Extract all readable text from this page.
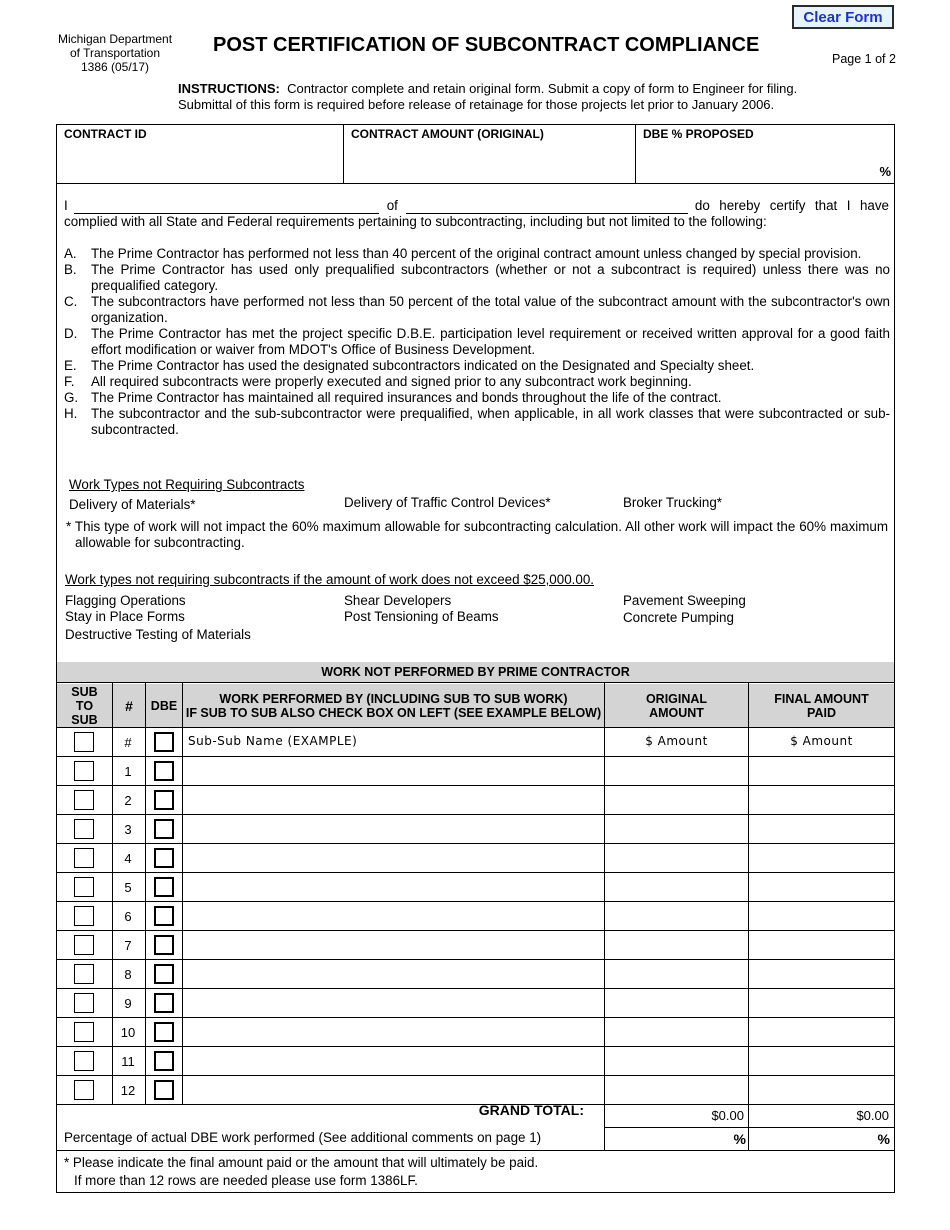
Clear Form
Michigan Department
of Transportation
1386 (05/17)
POST CERTIFICATION OF SUBCONTRACT COMPLIANCE
Page 1 of 2
INSTRUCTIONS: Contractor complete and retain original form. Submit a copy of form to Engineer for filing.
Submittal of this form is required before release of retainage for those projects let prior to January 2006.
CONTRACT ID	CONTRACT AMOUNT (ORIGINAL)	DBE % PROPOSED
%
I	of	do hereby certify that I have
complied with all State and Federal requirements pertaining to subcontracting, including but not limited to the following:
A.	The Prime Contractor has performed not less than 40 percent of the original contract amount unless changed by special provision.
B.	The Prime Contractor has used only prequalified subcontractors (whether or not a subcontract is required) unless there was no prequalified category.
C.	The subcontractors have performed not less than 50 percent of the total value of the subcontract amount with the subcontractor's own organization.
D.	The Prime Contractor has met the project specific D.B.E. participation level requirement or received written approval for a good faith effort modification or waiver from MDOT's Office of Business Development.
E.	The Prime Contractor has used the designated subcontractors indicated on the Designated and Specialty sheet.
F.	All required subcontracts were properly executed and signed prior to any subcontract work beginning.
G. The Prime Contractor has maintained all required insurances and bonds throughout the life of the contract.
H.	The subcontractor and the sub-subcontractor were prequalified, when applicable, in all work classes that were subcontracted or sub-subcontracted.
Work Types not Requiring Subcontracts
Delivery of Materials*	Delivery of Traffic Control Devices*	Broker Trucking*
* This type of work will not impact the 60% maximum allowable for subcontracting calculation. All other work will impact the 60% maximum allowable for subcontracting.
Work types not requiring subcontracts if the amount of work does not exceed $25,000.00.
Flagging Operations
Stay in Place Forms
Destructive Testing of Materials
Shear Developers
Post Tensioning of Beams
Pavement Sweeping
Concrete Pumping
WORK NOT PERFORMED BY PRIME CONTRACTOR
SUB TO SUB
#	DBE	WORK PERFORMED BY (INCLUDING SUB TO SUB WORK)
IF SUB TO SUB ALSO CHECK BOX ON LEFT (SEE EXAMPLE BELOW)
ORIGINAL
AMOUNT
FINAL AMOUNT
PAID
#	Sub-Sub Name (EXAMPLE)	$ Amount	$ Amount
1
2
3
4
5
6
7
8
9
10
11
12
GRAND TOTAL:	$0.00	$0.00
Percentage of actual DBE work performed (See additional comments on page 1)	%	%
* Please indicate the final amount paid or the amount that will ultimately be paid.
If more than 12 rows are needed please use form 1386LF.
